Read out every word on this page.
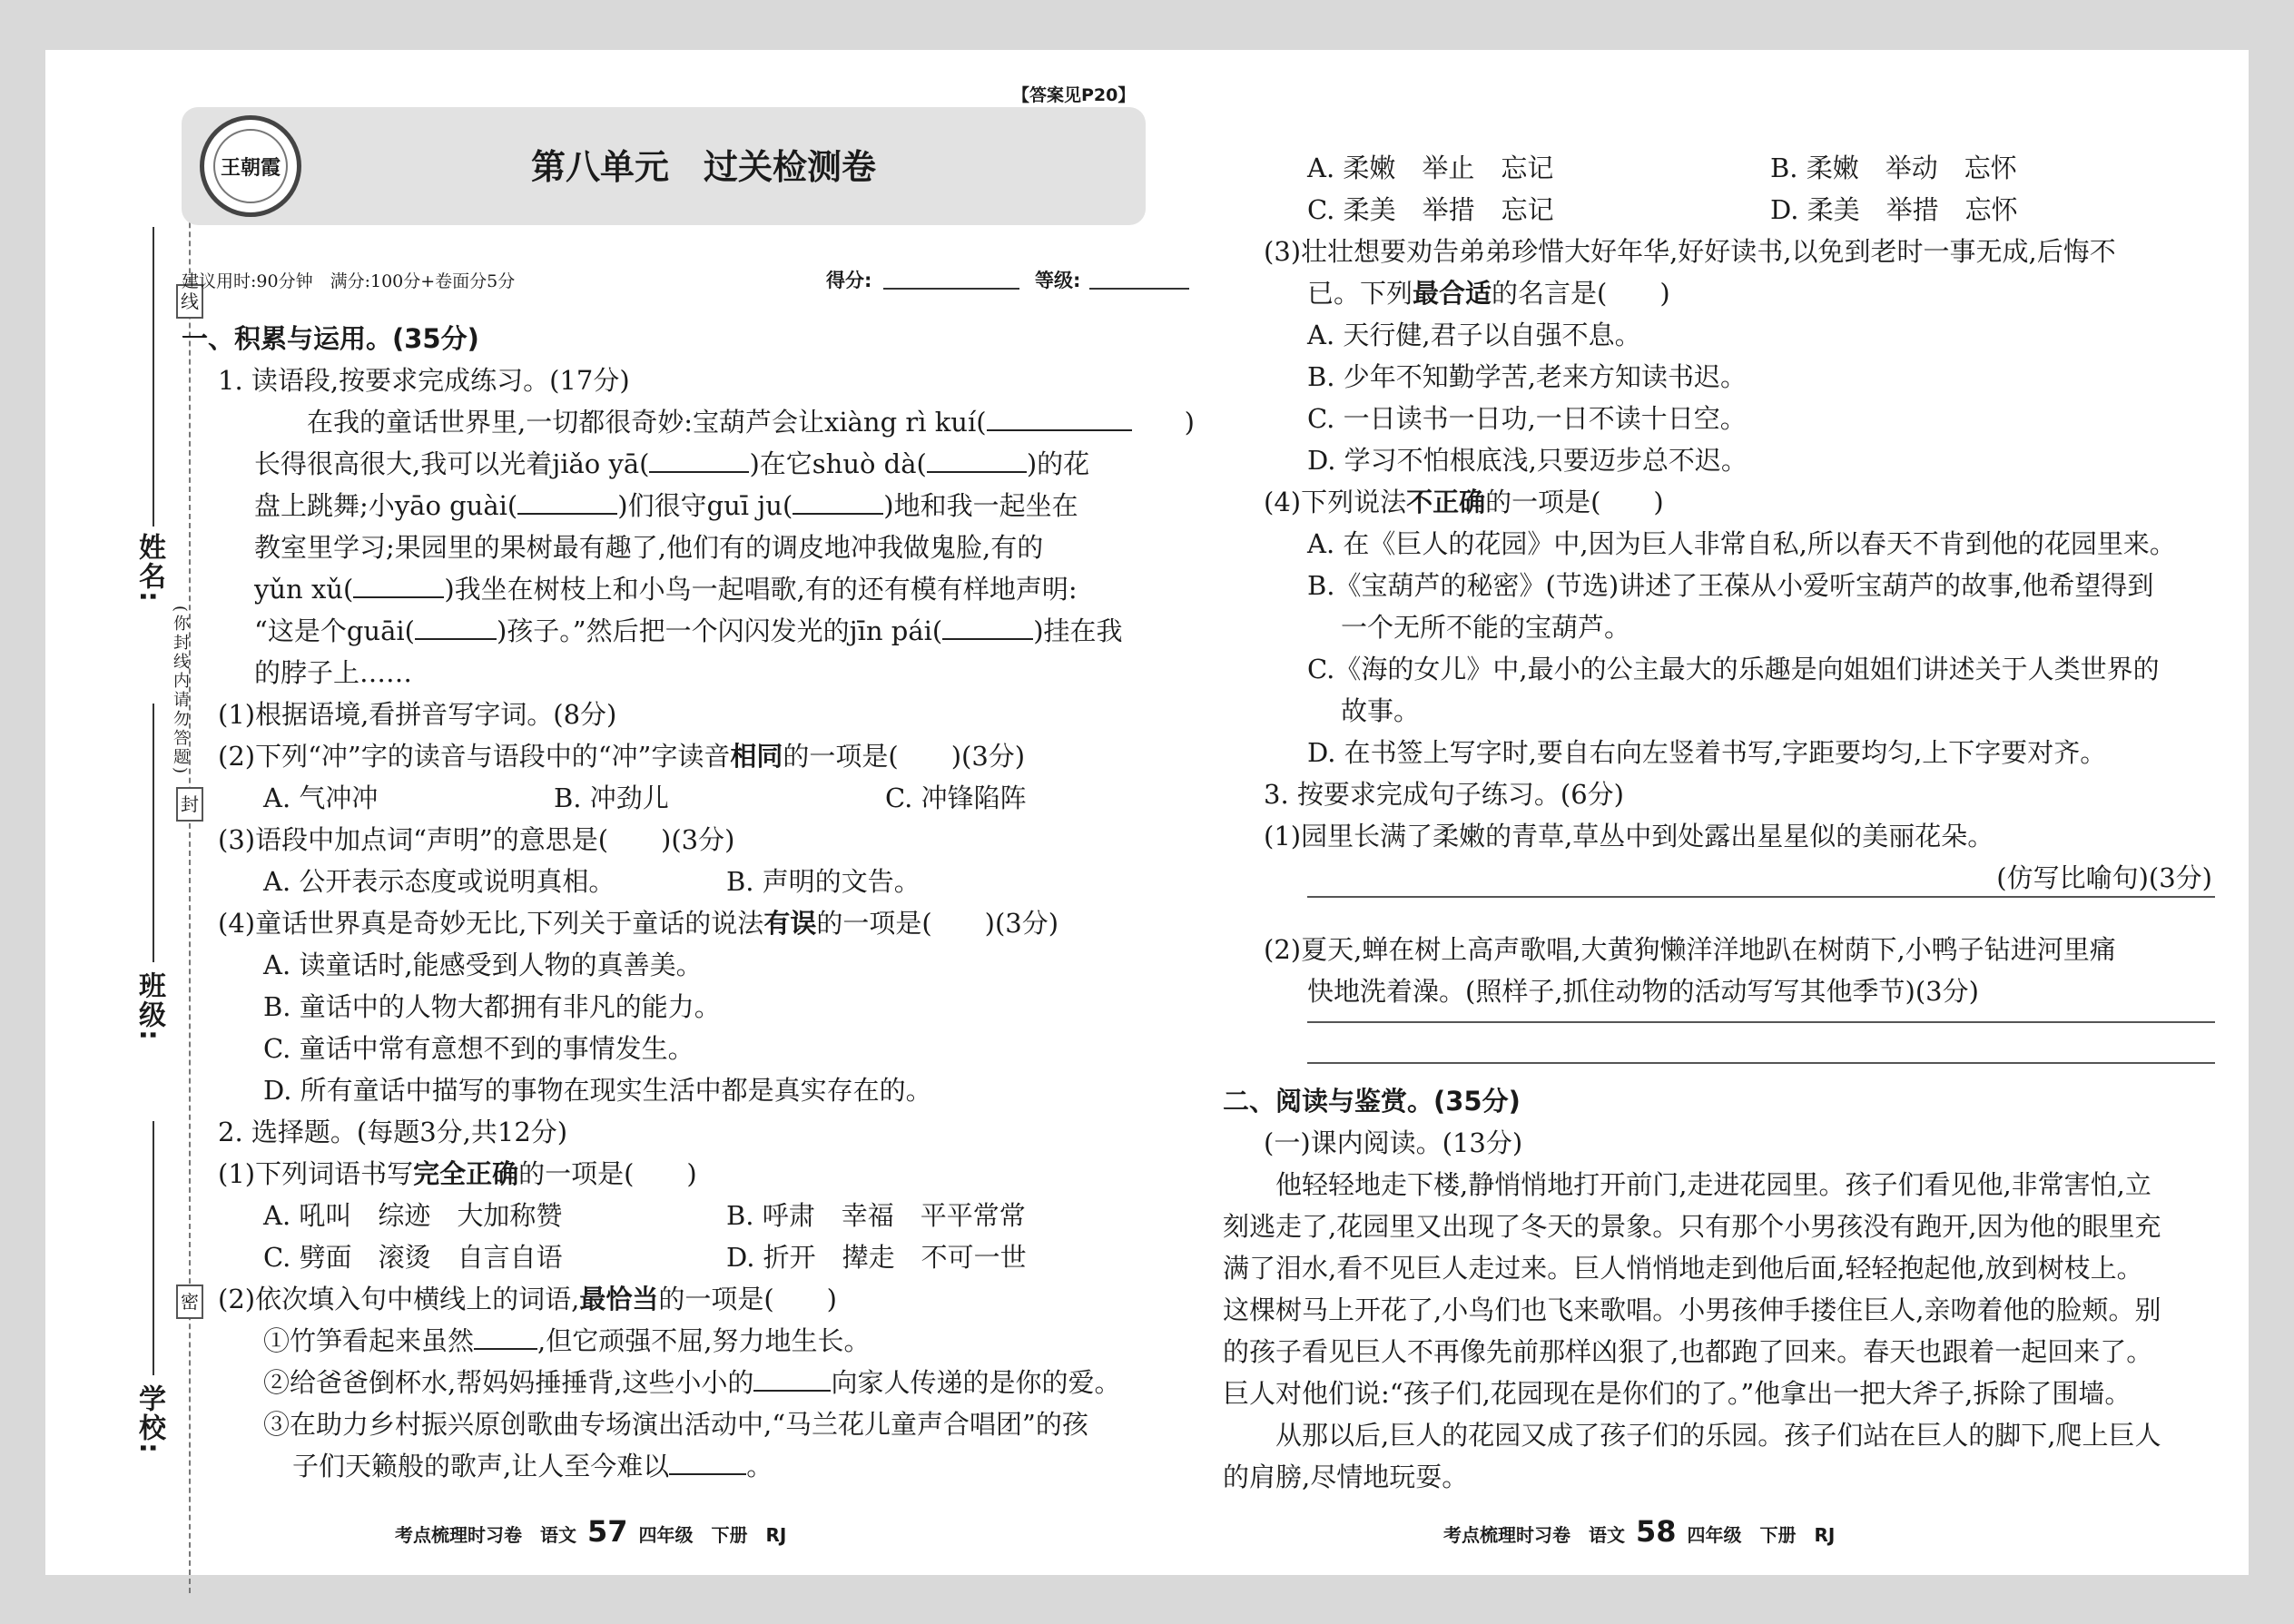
姓名:
班级:
学校:
线
封
密
(你封线内请勿答题)
【答案见P20】
王朝霞	第八单元　过关检测卷
建议用时:90分钟　满分:100分+卷面分5分	得分:	等级:

一、积累与运用。(35分)

1. 读语段,按要求完成练习。(17分)

　　在我的童话世界里,一切都很奇妙:宝葫芦会让xiàng rì kuí(	　　)

长得很高很大,我可以光着jiǎo yā(	)在它shuò dà(	)的花

盘上跳舞;小yāo guài(	)们很守guī ju(	)地和我一起坐在

教室里学习;果园里的果树最有趣了,他们有的调皮地冲我做鬼脸,有的

yǔn xǔ(	)我坐在树枝上和小鸟一起唱歌,有的还有模有样地声明:

“这是个guāi(	)孩子。”然后把一个闪闪发光的jīn pái(	)挂在我

的脖子上……

(1)根据语境,看拼音写字词。(8分)

(2)下列“冲”字的读音与语段中的“冲”字读音相同的一项是(　　)(3分)

A. 气冲冲	B. 冲劲儿	C. 冲锋陷阵

(3)语段中加点词“声明”的意思是(　　)(3分)

A. 公开表示态度或说明真相。	B. 声明的文告。

(4)童话世界真是奇妙无比,下列关于童话的说法有误的一项是(　　)(3分)

A. 读童话时,能感受到人物的真善美。

B. 童话中的人物大都拥有非凡的能力。

C. 童话中常有意想不到的事情发生。

D. 所有童话中描写的事物在现实生活中都是真实存在的。

2. 选择题。(每题3分,共12分)

(1)下列词语书写完全正确的一项是(　　)

A. 吼叫　综迹　大加称赞	B. 呼肃　幸福　平平常常

C. 劈面　滚烫　自言自语	D. 折开　撵走　不可一世

(2)依次填入句中横线上的词语,最恰当的一项是(　　)

①竹笋看起来虽然 ,但它顽强不屈,努力地生长。

②给爸爸倒杯水,帮妈妈捶捶背,这些小小的	向家人传递的是你的爱。

③在助力乡村振兴原创歌曲专场演出活动中,“马兰花儿童声合唱团”的孩

子们天籁般的歌声,让人至今难以	。

A. 柔嫩　举止　忘记	B. 柔嫩　举动　忘怀

C. 柔美　举措　忘记	D. 柔美　举措　忘怀

(3)壮壮想要劝告弟弟珍惜大好年华,好好读书,以免到老时一事无成,后悔不

已。下列最合适的名言是(　　)

A. 天行健,君子以自强不息。

B. 少年不知勤学苦,老来方知读书迟。

C. 一日读书一日功,一日不读十日空。

D. 学习不怕根底浅,只要迈步总不迟。

(4)下列说法不正确的一项是(　　)

A. 在《巨人的花园》中,因为巨人非常自私,所以春天不肯到他的花园里来。

B.《宝葫芦的秘密》(节选)讲述了王葆从小爱听宝葫芦的故事,他希望得到

一个无所不能的宝葫芦。

C.《海的女儿》中,最小的公主最大的乐趣是向姐姐们讲述关于人类世界的

故事。

D. 在书签上写字时,要自右向左竖着书写,字距要均匀,上下字要对齐。

3. 按要求完成句子练习。(6分)

(1)园里长满了柔嫩的青草,草丛中到处露出星星似的美丽花朵。

(仿写比喻句)(3分)

(2)夏天,蝉在树上高声歌唱,大黄狗懒洋洋地趴在树荫下,小鸭子钻进河里痛

快地洗着澡。(照样子,抓住动物的活动写写其他季节)(3分)

二、阅读与鉴赏。(35分)

(一)课内阅读。(13分)

　　他轻轻地走下楼,静悄悄地打开前门,走进花园里。孩子们看见他,非常害怕,立

刻逃走了,花园里又出现了冬天的景象。只有那个小男孩没有跑开,因为他的眼里充

满了泪水,看不见巨人走过来。巨人悄悄地走到他后面,轻轻抱起他,放到树枝上。

这棵树马上开花了,小鸟们也飞来歌唱。小男孩伸手搂住巨人,亲吻着他的脸颊。别

的孩子看见巨人不再像先前那样凶狠了,也都跑了回来。春天也跟着一起回来了。

巨人对他们说:“孩子们,花园现在是你们的了。”他拿出一把大斧子,拆除了围墙。

　　从那以后,巨人的花园又成了孩子们的乐园。孩子们站在巨人的脚下,爬上巨人

的肩膀,尽情地玩耍。

考点梳理时习卷　语文 57 四年级　下册　RJ	考点梳理时习卷　语文 58 四年级　下册　RJ
